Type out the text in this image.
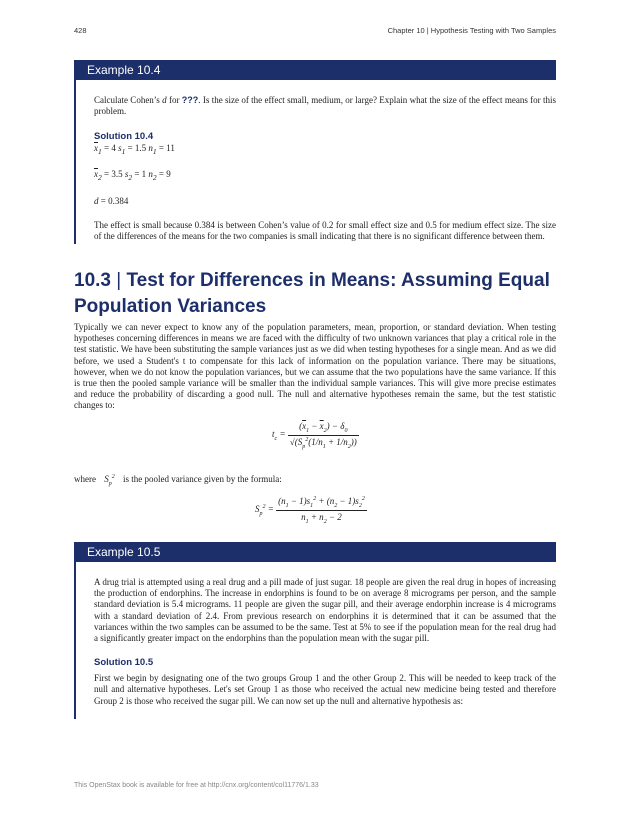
428	Chapter 10 | Hypothesis Testing with Two Samples
Example 10.4

Calculate Cohen’s d for ???. Is the size of the effect small, medium, or large? Explain what the size of the effect means for this problem.

Solution 10.4
$\overline{x}_1 = 4$ $s_1 = 1.5$ $n_1 = 11$
$\overline{x}_2 = 3.5$ $s_2 = 1$ $n_2 = 9$
d = 0.384

The effect is small because 0.384 is between Cohen’s value of 0.2 for small effect size and 0.5 for medium effect size. The size of the differences of the means for the two companies is small indicating that there is no significant difference between them.

10.3 | Test for Differences in Means: Assuming Equal Population Variances

Typically we can never expect to know any of the population parameters, mean, proportion, or standard deviation. When testing hypotheses concerning differences in means we are faced with the difficulty of two unknown variances that play a critical role in the test statistic. We have been substituting the sample variances just as we did when testing hypotheses for a single mean. And as we did before, we used a Student's t to compensate for this lack of information on the population variance. There may be situations, however, when we do not know the population variances, but we can assume that the two populations have the same variance. If this is true then the pooled sample variance will be smaller than the individual sample variances. This will give more precise estimates and reduce the probability of discarding a good null. The null and alternative hypotheses remain the same, but the test statistic changes to:

$t_c = \frac{(\overline{x}_1 - \overline{x}_2) - \delta_0}{√(S_p^2(1/n_1 + 1/n_2))}$
where $S_p^2$ is the pooled variance given by the formula:
$S_p^2 = \frac{(n_1 - 1)s_1^2 + (n_2 - 1)s_2^2}{n_1 + n_2 - 2}$
Example 10.5

A drug trial is attempted using a real drug and a pill made of just sugar. 18 people are given the real drug in hopes of increasing the production of endorphins. The increase in endorphins is found to be on average 8 micrograms per person, and the sample standard deviation is 5.4 micrograms. 11 people are given the sugar pill, and their average endorphin increase is 4 micrograms with a standard deviation of 2.4. From previous research on endorphins it is determined that it can be assumed that the variances within the two samples can be assumed to be the same. Test at 5% to see if the population mean for the real drug had a significantly greater impact on the endorphins than the population mean with the sugar pill.

Solution 10.5

First we begin by designating one of the two groups Group 1 and the other Group 2. This will be needed to keep track of the null and alternative hypotheses. Let's set Group 1 as those who received the actual new medicine being tested and therefore Group 2 is those who received the sugar pill. We can now set up the null and alternative hypothesis as:

This OpenStax book is available for free at http://cnx.org/content/col11776/1.33
